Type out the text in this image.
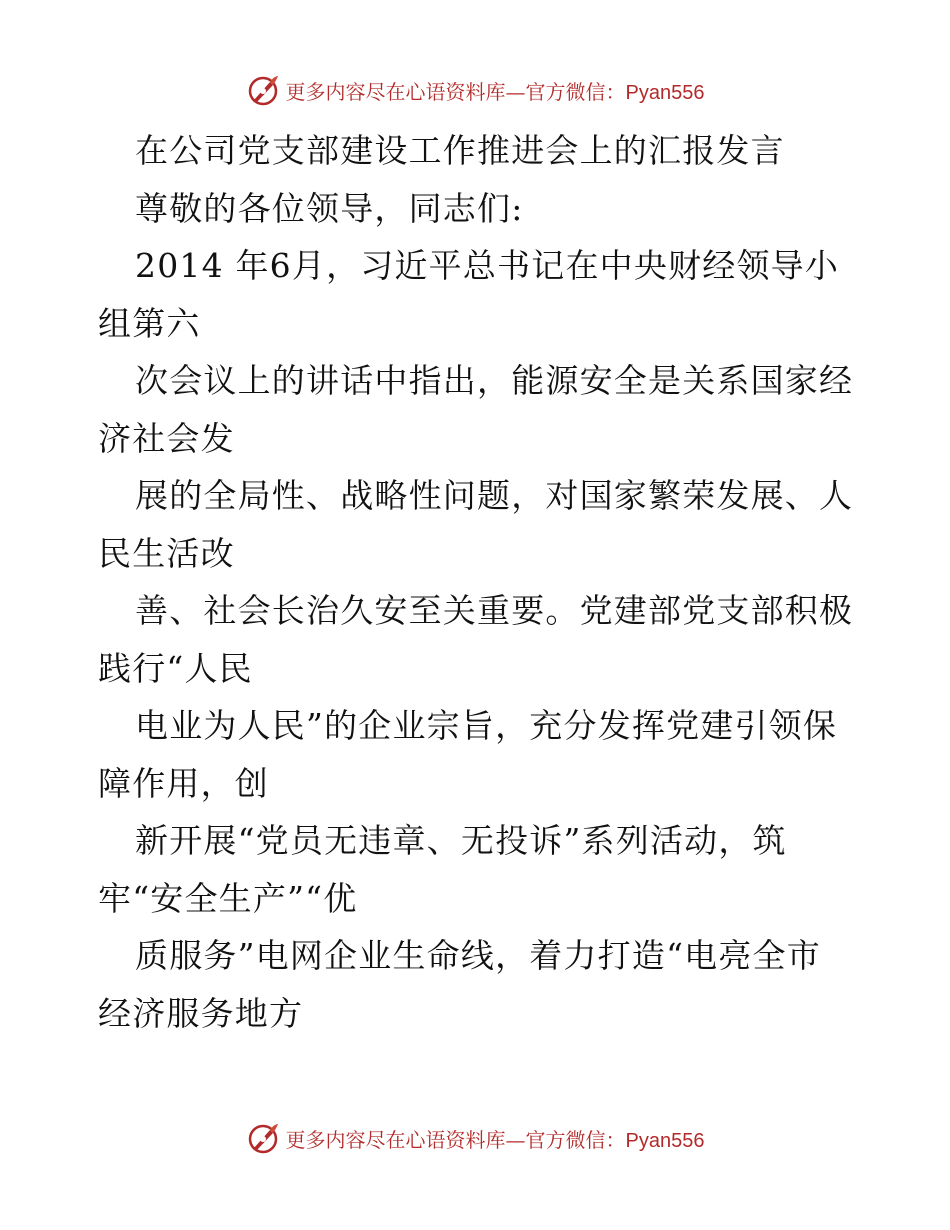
更多内容尽在心语资料库—官方微信：Pyan556
在公司党支部建设工作推进会上的汇报发言
尊敬的各位领导，同志们:
2014 年6月，习近平总书记在中央财经领导小
组第六
次会议上的讲话中指出，能源安全是关系国家经
济社会发
展的全局性、战略性问题，对国家繁荣发展、人
民生活改
善、社会长治久安至关重要。党建部党支部积极
践行“人民
电业为人民”的企业宗旨，充分发挥党建引领保
障作用，创
新开展“党员无违章、无投诉”系列活动，筑
牢“安全生产”“优
质服务”电网企业生命线，着力打造“电亮全市
经济服务地方
更多内容尽在心语资料库—官方微信：Pyan556
